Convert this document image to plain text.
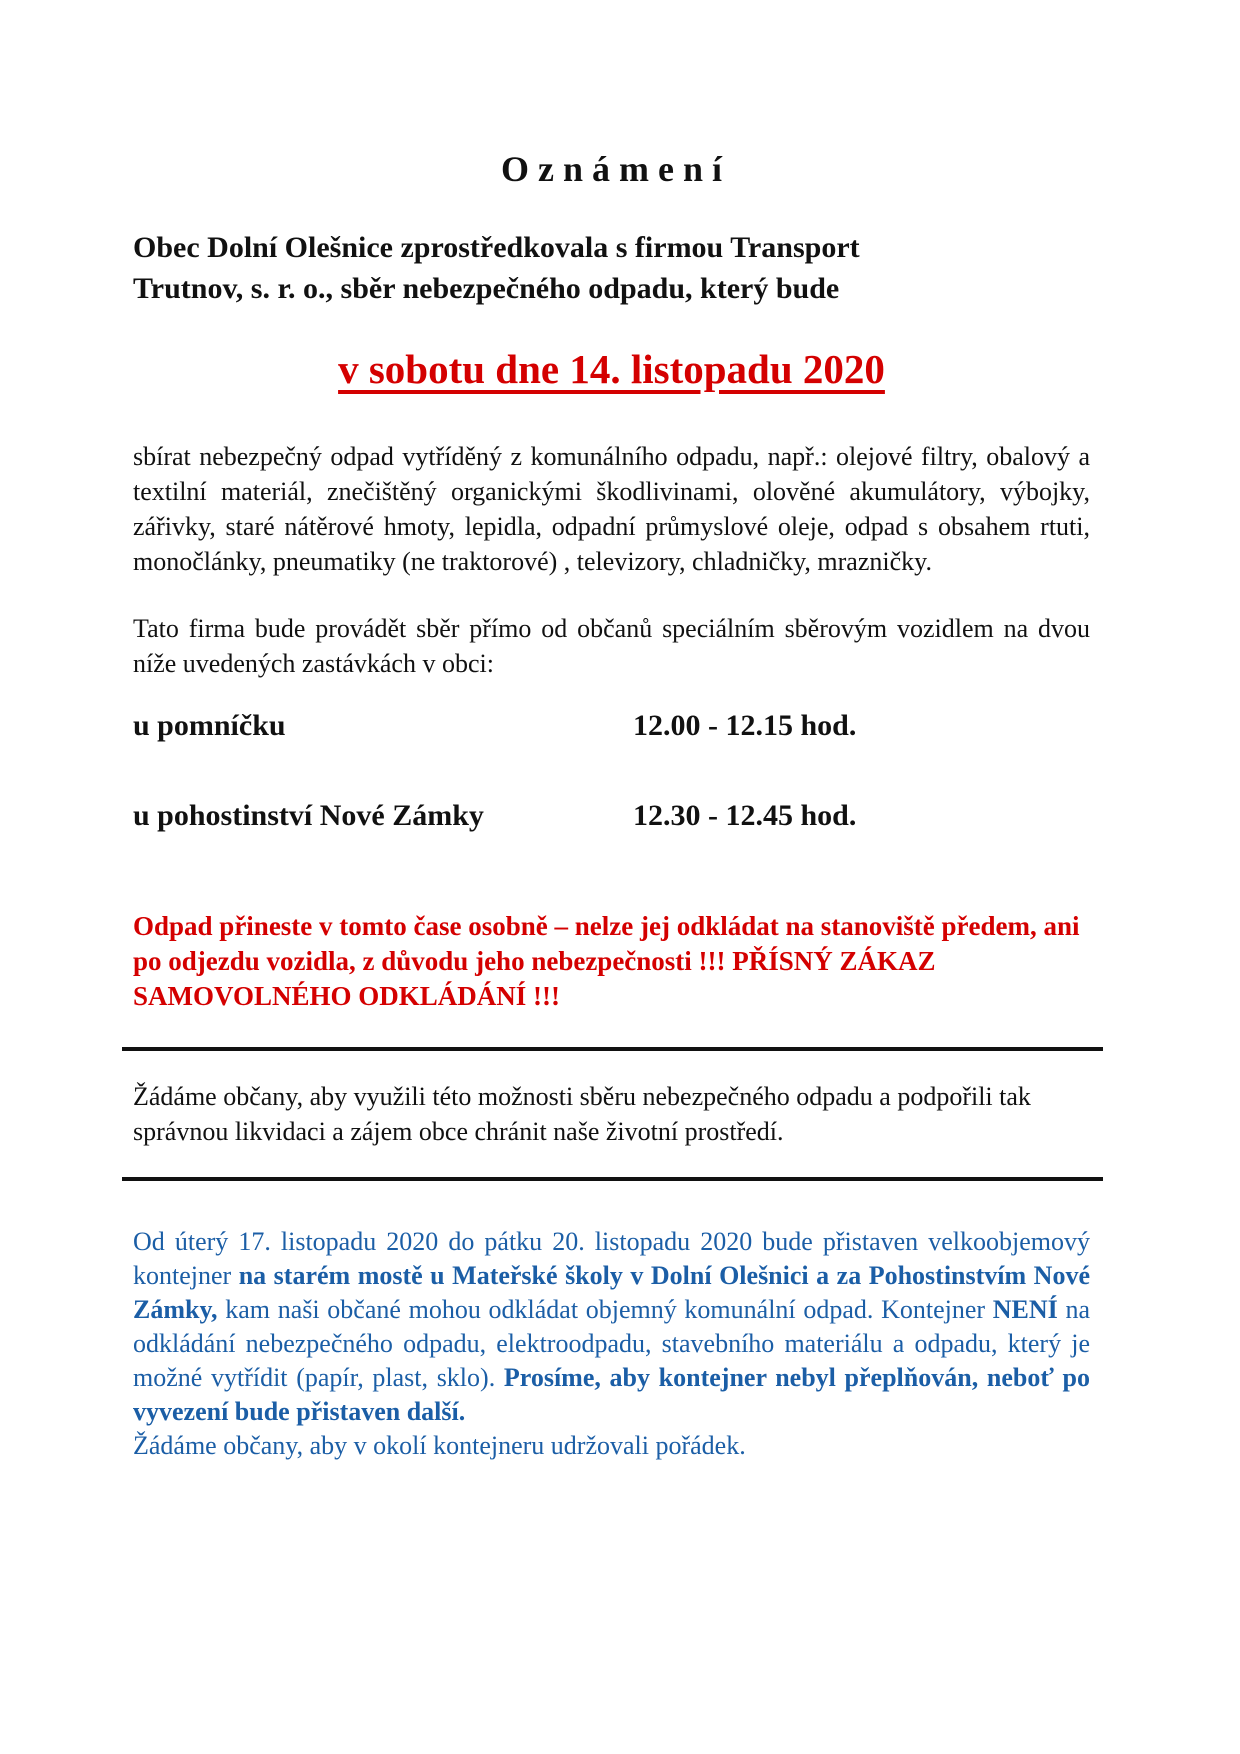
O z n á m e n í

Obec Dolní Olešnice zprostředkovala s firmou Transport
Trutnov, s. r. o., sběr nebezpečného odpadu, který bude

v sobotu dne 14. listopadu 2020

sbírat nebezpečný odpad vytříděný z komunálního odpadu, např.: olejové filtry, obalový a textilní materiál, znečištěný organickými škodlivinami, olověné akumulátory, výbojky, zářivky, staré nátěrové hmoty, lepidla, odpadní průmyslové oleje, odpad s obsahem rtuti, monočlánky, pneumatiky (ne traktorové) , televizory, chladničky, mrazničky.

Tato firma bude provádět sběr přímo od občanů speciálním sběrovým vozidlem na dvou níže uvedených zastávkách v obci:

u pomníčku	12.00 - 12.15 hod.
u pohostinství Nové Zámky	12.30 - 12.45 hod.

Odpad přineste v tomto čase osobně – nelze jej odkládat na stanoviště předem, ani po odjezdu vozidla, z důvodu jeho nebezpečnosti !!! PŘÍSNÝ ZÁKAZ SAMOVOLNÉHO ODKLÁDÁNÍ !!!

Žádáme občany, aby využili této možnosti sběru nebezpečného odpadu a podpořili tak správnou likvidaci a zájem obce chránit naše životní prostředí.

Od úterý 17. listopadu 2020 do pátku 20. listopadu 2020 bude přistaven velkoobjemový kontejner na starém mostě u Mateřské školy v Dolní Olešnici a za Pohostinstvím Nové Zámky, kam naši občané mohou odkládat objemný komunální odpad. Kontejner NENÍ na odkládání nebezpečného odpadu, elektroodpadu, stavebního materiálu a odpadu, který je možné vytřídit (papír, plast, sklo). Prosíme, aby kontejner nebyl přeplňován, neboť po vyvezení bude přistaven další.

Žádáme občany, aby v okolí kontejneru udržovali pořádek.
